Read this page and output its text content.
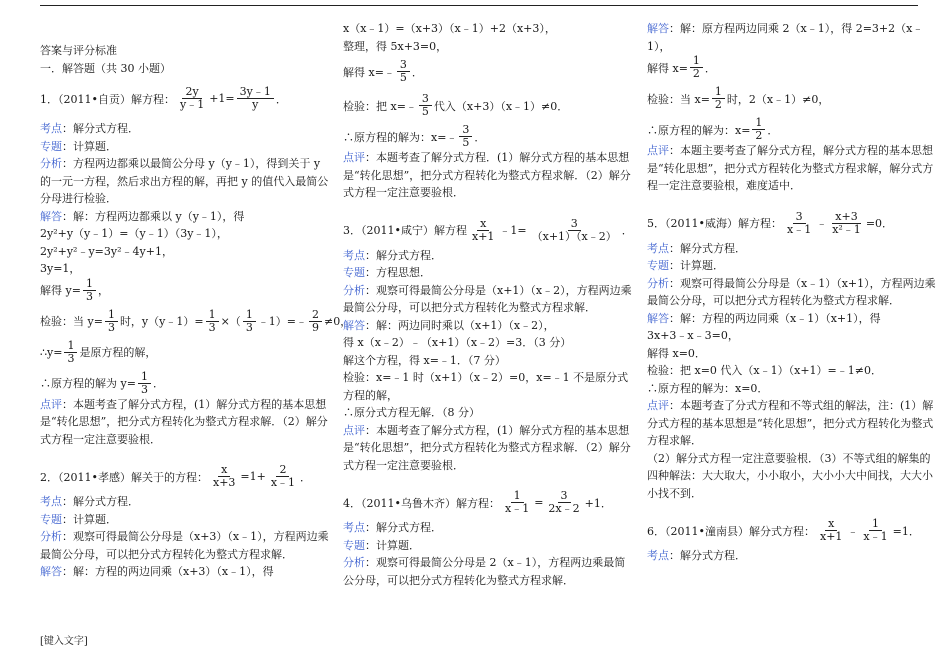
答案与评分标准
一．解答题（共 30 小题）
1．（2011•自贡）解方程： $\frac{2y}{y﹣1} +1= \frac{3y﹣1}{y}$ ．
考点：解分式方程．
专题：计算题．
分析：方程两边都乘以最简公分母 y（y﹣1），得到关于 y 的一元一方程，然后求出方程的解，再把 y 的值代入最简公分母进行检验．
解答：解：方程两边都乘以 y（y﹣1），得
2y²+y（y﹣1）=（y﹣1）（3y﹣1），
2y²+y²﹣y=3y²﹣4y+1，
3y=1，
解得 $y= \frac{1}{3}$ ，
检验：当 $y= \frac{1}{3}$ 时，y（y﹣1）= $\frac{1}{3}$ ×（ $\frac{1}{3}$ ﹣1）=﹣ $\frac{2}{9} \ne 0$，
∴y= $\frac{1}{3}$ 是原方程的解，
∴原方程的解为 $y= \frac{1}{3}$ ．
点评：本题考查了解分式方程，(1）解分式方程的基本思想是“转化思想”，把分式方程转化为整式方程求解．（2）解分式方程一定注意要验根．
2．（2011•孝感）解关于的方程： $\frac{x}{x+3} =1+ \frac{2}{x﹣1}$ ．
考点：解分式方程．
专题：计算题．
分析：观察可得最简公分母是（x+3）（x﹣1），方程两边乘最简公分母，可以把分式方程转化为整式方程求解．
解答：解：方程的两边同乘（x+3）（x﹣1），得
x（x﹣1）=（x+3）（x﹣1）+2（x+3），
整理，得 5x+3=0，
解得 x=﹣ $\frac{3}{5}$ ．
检验：把 x=﹣ $\frac{3}{5}$ 代入（x+3）（x﹣1）≠0．
∴原方程的解为：x=﹣ $\frac{3}{5}$ ．
点评：本题考查了解分式方程．(1）解分式方程的基本思想是“转化思想”，把分式方程转化为整式方程求解．（2）解分式方程一定注意要验根．
3．（2011•咸宁）解方程 $\frac{x}{x+1}$ ﹣1= $\frac{3}{(x+1)(x﹣2)}$ ．
考点：解分式方程．
专题：方程思想．
分析：观察可得最简公分母是（x+1）（x﹣2），方程两边乘最简公分母，可以把分式方程转化为整式方程求解．
解答：解：两边同时乘以（x+1）（x﹣2），
得 x（x﹣2）﹣（x+1）（x﹣2）=3．（3 分）
解这个方程，得 x=﹣1．（7 分）
检验：x=﹣1 时（x+1）（x﹣2）=0，x=﹣1 不是原分式方程的解，
∴原分式方程无解．（8 分）
点评：本题考查了解分式方程，(1）解分式方程的基本思想是“转化思想”，把分式方程转化为整式方程求解．（2）解分式方程一定注意要验根．
4．（2011•乌鲁木齐）解方程： $\frac{1}{x﹣1} = \frac{3}{2x﹣2} +1$．
考点：解分式方程．
专题：计算题．
分析：观察可得最简公分母是 2（x﹣1），方程两边乘最简公分母，可以把分式方程转化为整式方程求解．
解答：解：原方程两边同乘 2（x﹣1），得 2=3+2（x﹣1），
解得 $x= \frac{1}{2}$ ．
检验：当 $x= \frac{1}{2}$ 时，2（x﹣1）≠0，
∴原方程的解为：$x= \frac{1}{2}$ ．
点评：本题主要考查了解分式方程，解分式方程的基本思想是“转化思想”，把分式方程转化为整式方程求解，解分式方程一定注意要验根，难度适中．
5．（2011•威海）解方程： $\frac{3}{x﹣1}$ ﹣ $\frac{x+3}{\text{x²﹣1}} =0$．
考点：解分式方程．
专题：计算题．
分析：观察可得最简公分母是（x﹣1）（x+1），方程两边乘最简公分母，可以把分式方程转化为整式方程求解．
解答：解：方程的两边同乘（x﹣1）（x+1），得
3x+3﹣x﹣3=0，
解得 x=0．
检验：把 x=0 代入（x﹣1）（x+1）=﹣1≠0．
∴原方程的解为：x=0．
点评：本题考查了分式方程和不等式组的解法，注：(1）解分式方程的基本思想是“转化思想”，把分式方程转化为整式方程求解．
（2）解分式方程一定注意要验根．（3）不等式组的解集的四种解法：大大取大，小小取小，大小小大中间找，大大小小找不到．
6．（2011•潼南县）解分式方程： $\frac{x}{x+1}$ ﹣ $\frac{1}{x﹣1} =1$．
考点：解分式方程．
[键入文字]
